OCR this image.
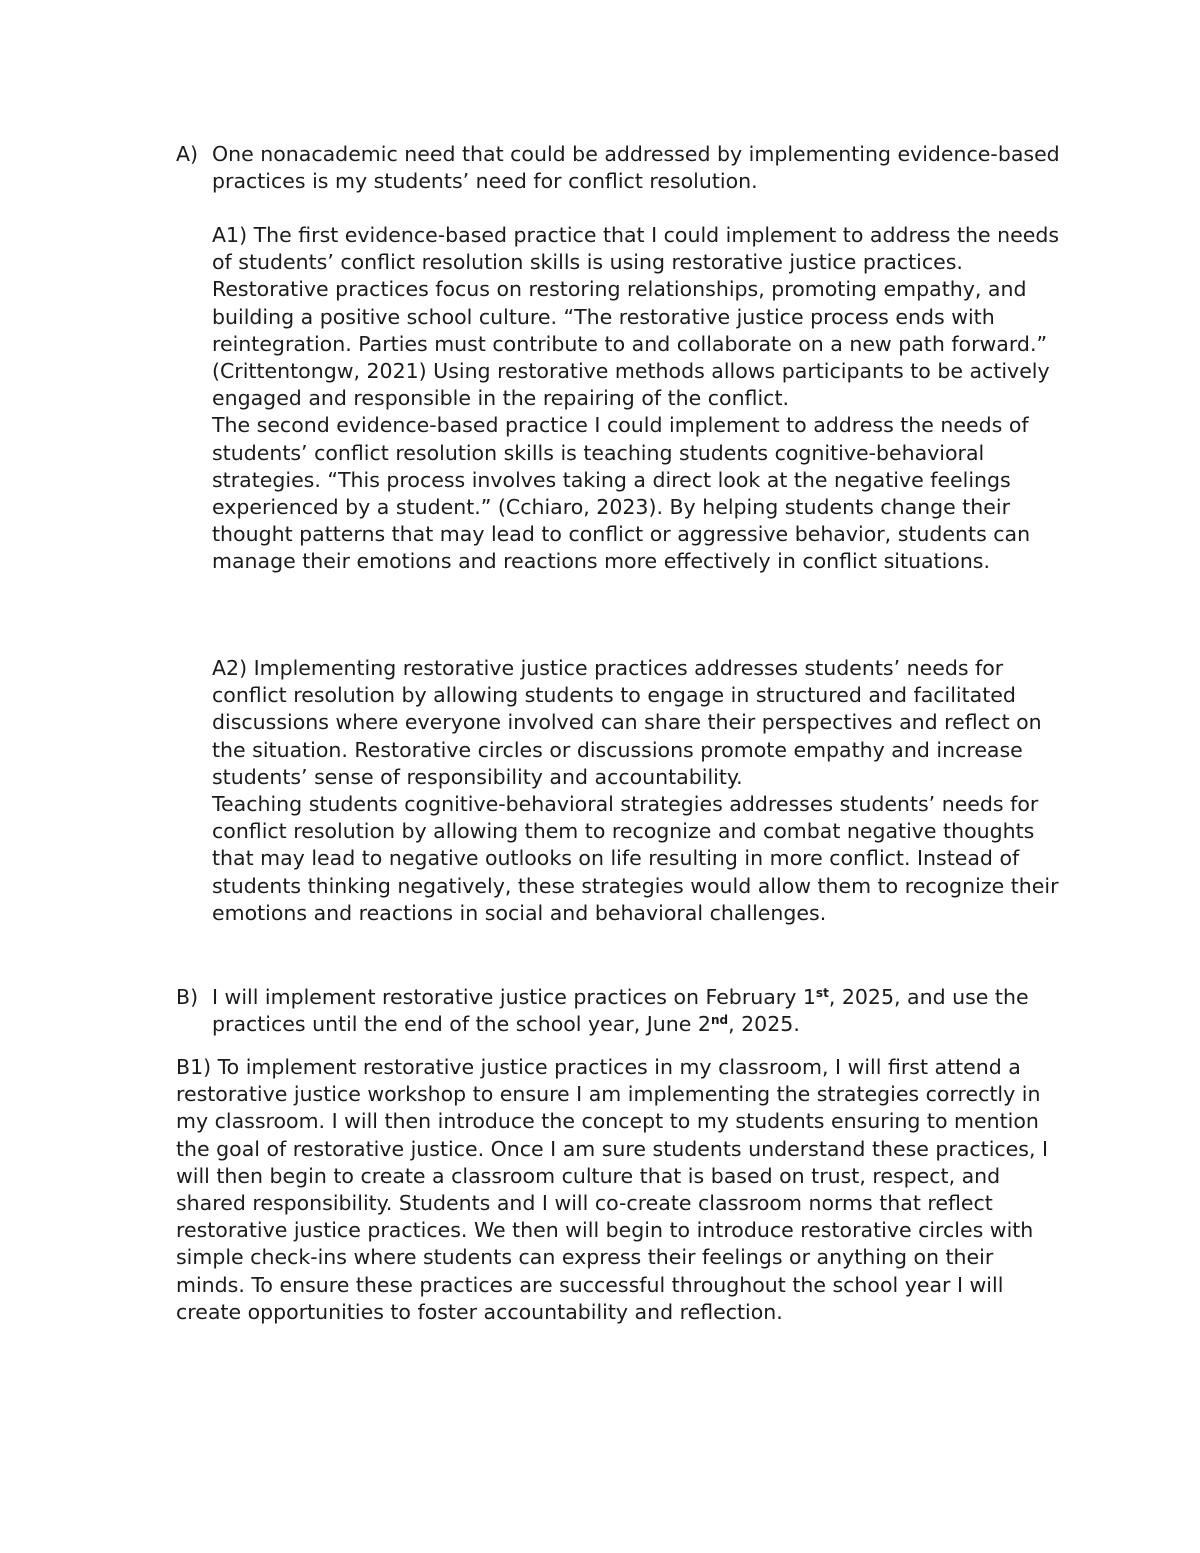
A) One nonacademic need that could be addressed by implementing evidence-based practices is my students’ need for conflict resolution.

A1) The first evidence-based practice that I could implement to address the needs of students’ conflict resolution skills is using restorative justice practices. Restorative practices focus on restoring relationships, promoting empathy, and building a positive school culture. “The restorative justice process ends with reintegration. Parties must contribute to and collaborate on a new path forward.” (Crittentongw, 2021) Using restorative methods allows participants to be actively engaged and responsible in the repairing of the conflict.

The second evidence-based practice I could implement to address the needs of students’ conflict resolution skills is teaching students cognitive-behavioral strategies. “This process involves taking a direct look at the negative feelings experienced by a student.” (Cchiaro, 2023). By helping students change their thought patterns that may lead to conflict or aggressive behavior, students can manage their emotions and reactions more effectively in conflict situations.

A2) Implementing restorative justice practices addresses students’ needs for conflict resolution by allowing students to engage in structured and facilitated discussions where everyone involved can share their perspectives and reflect on the situation. Restorative circles or discussions promote empathy and increase students’ sense of responsibility and accountability.

Teaching students cognitive-behavioral strategies addresses students’ needs for conflict resolution by allowing them to recognize and combat negative thoughts that may lead to negative outlooks on life resulting in more conflict. Instead of students thinking negatively, these strategies would allow them to recognize their emotions and reactions in social and behavioral challenges.

B) I will implement restorative justice practices on February 1st, 2025, and use the practices until the end of the school year, June 2nd, 2025.

B1) To implement restorative justice practices in my classroom, I will first attend a restorative justice workshop to ensure I am implementing the strategies correctly in my classroom. I will then introduce the concept to my students ensuring to mention the goal of restorative justice. Once I am sure students understand these practices, I will then begin to create a classroom culture that is based on trust, respect, and shared responsibility. Students and I will co-create classroom norms that reflect restorative justice practices. We then will begin to introduce restorative circles with simple check-ins where students can express their feelings or anything on their minds. To ensure these practices are successful throughout the school year I will create opportunities to foster accountability and reflection.
